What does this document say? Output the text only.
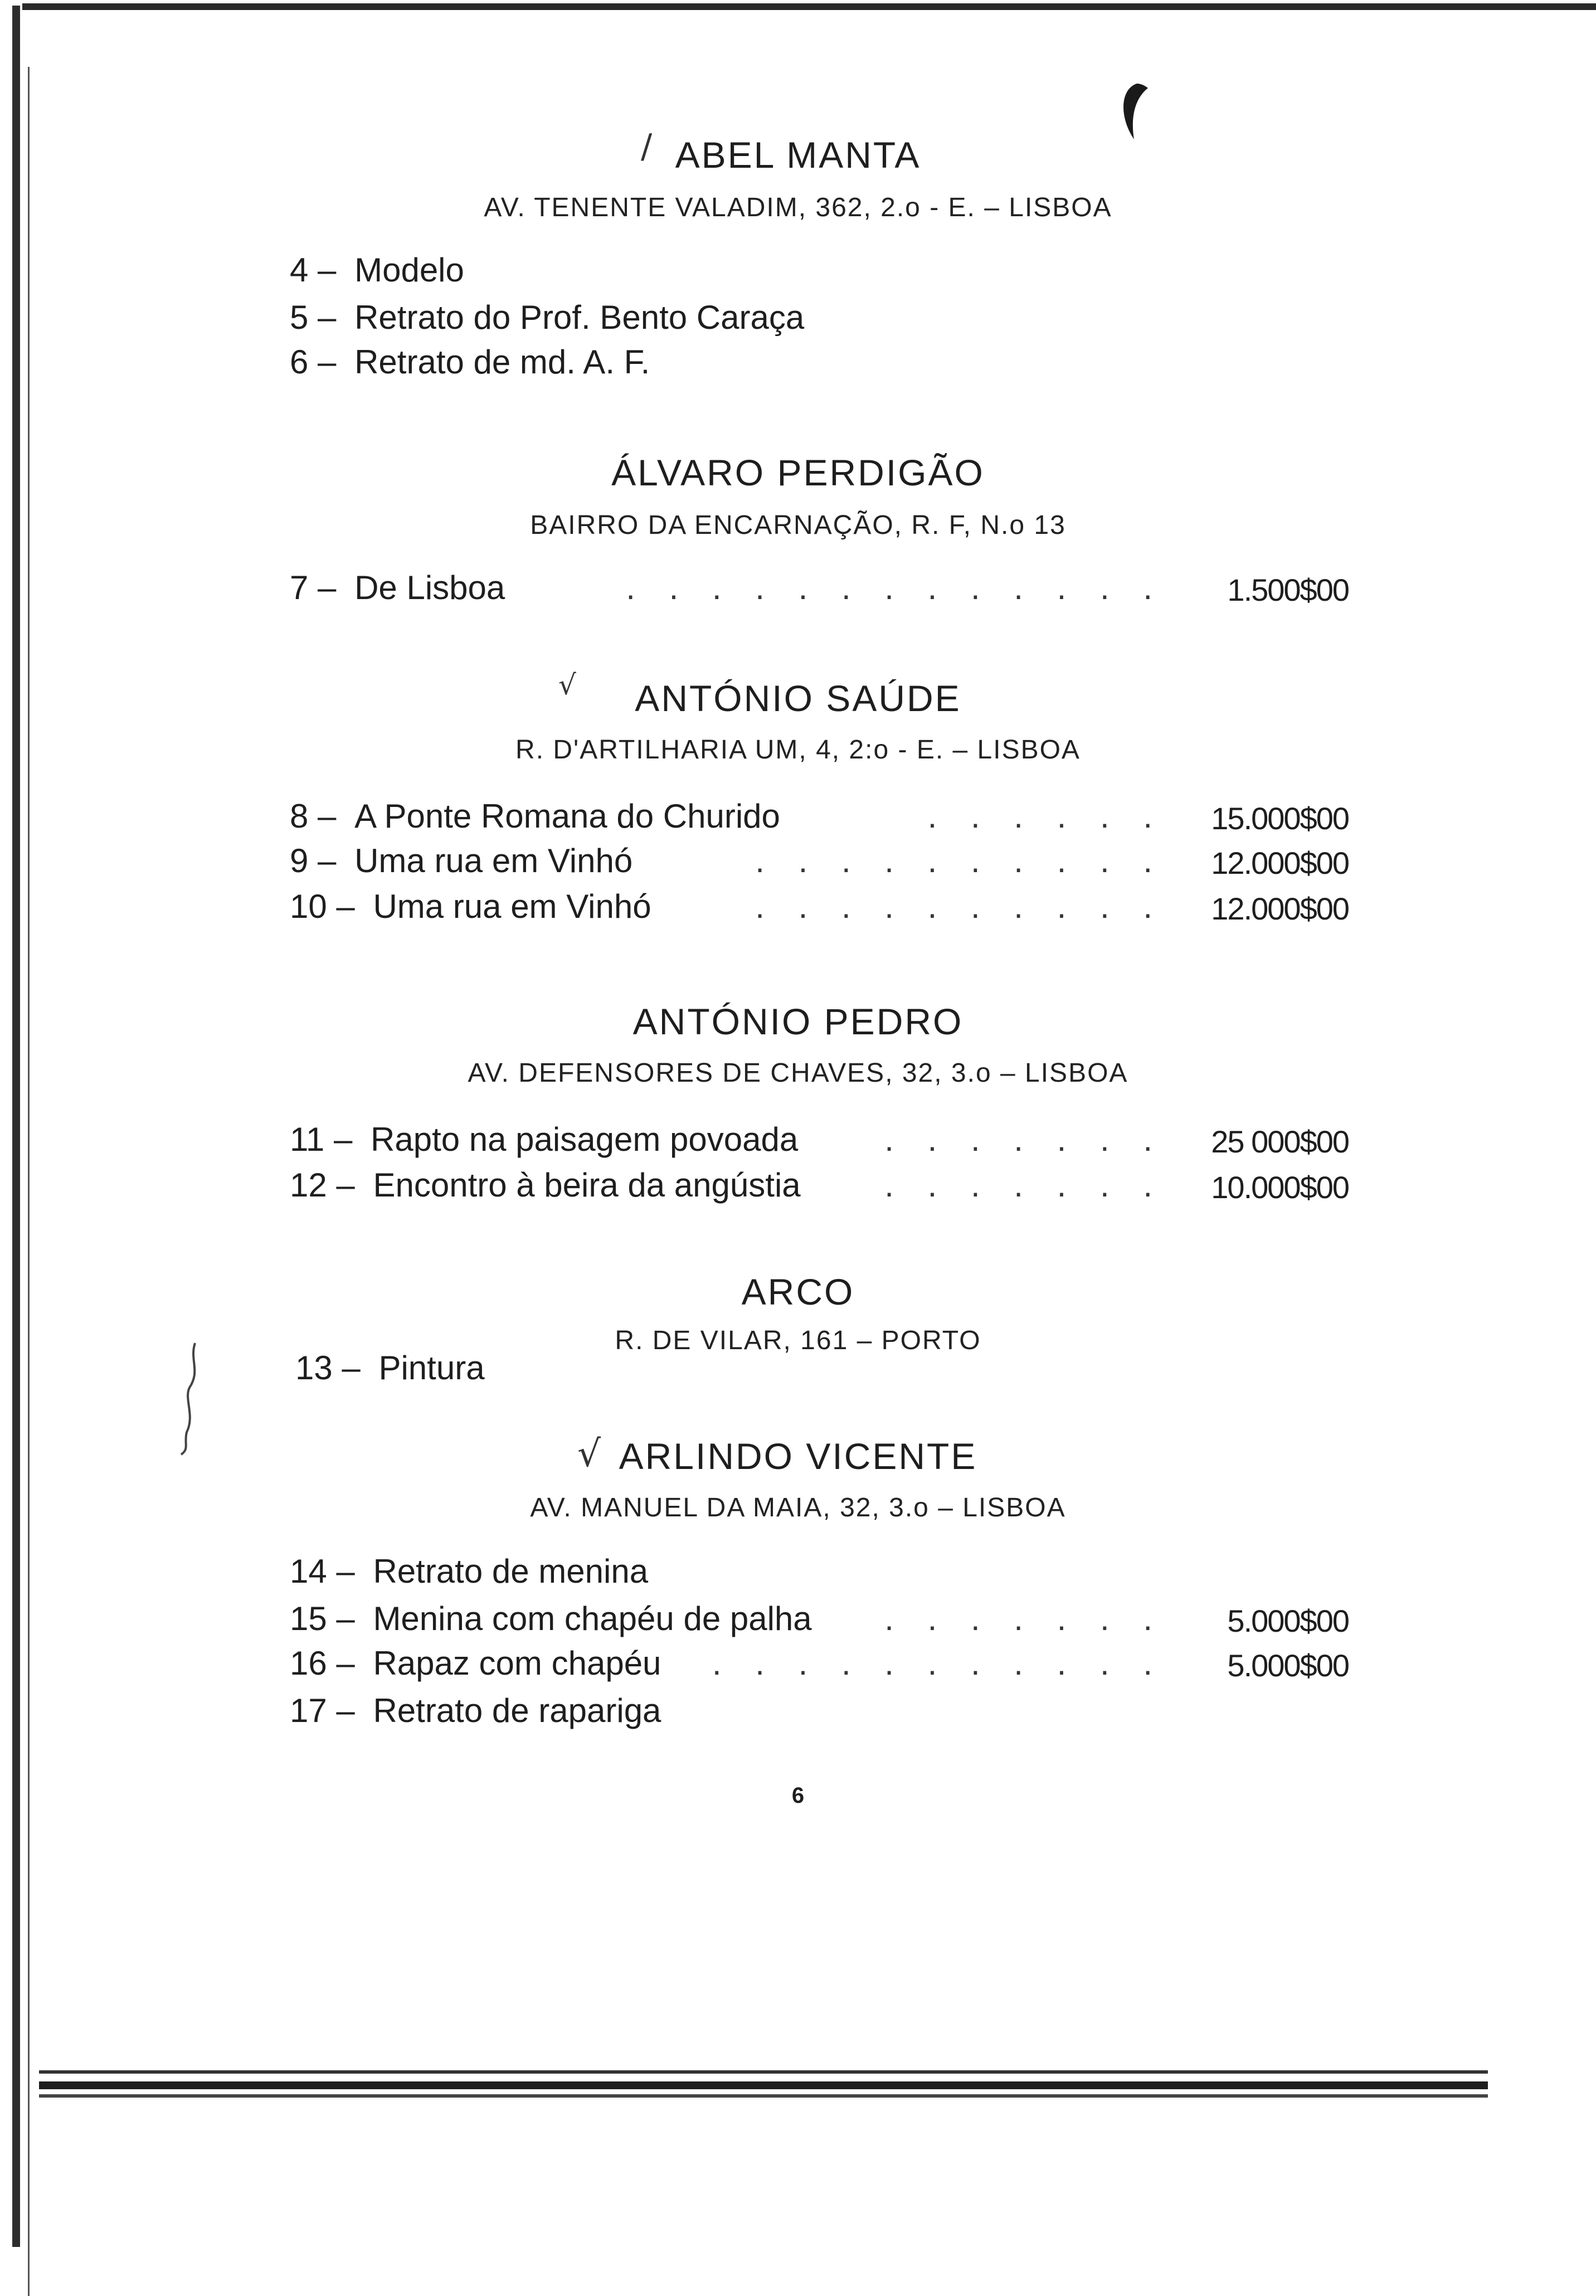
/
√
√
ABEL MANTA
AV. TENENTE VALADIM, 362, 2.o - E. – LISBOA
4 – Modelo
5 – Retrato do Prof. Bento Caraça
6 – Retrato de md. A. F.
ÁLVARO PERDIGÃO
BAIRRO DA ENCARNAÇÃO, R. F, N.o 13
7 – De Lisboa	. . . . . . . . . . . . .	1.500$00
ANTÓNIO SAÚDE
R. D'ARTILHARIA UM, 4, 2:o - E. – LISBOA
8 – A Ponte Romana do Churido	. . . . . .	15.000$00
9 – Uma rua em Vinhó	. . . . . . . . . .	12.000$00
10 – Uma rua em Vinhó	. . . . . . . . . .	12.000$00
ANTÓNIO PEDRO
AV. DEFENSORES DE CHAVES, 32, 3.o – LISBOA
11 – Rapto na paisagem povoada	. . . . . . .	25 000$00
12 – Encontro à beira da angústia	. . . . . . .	10.000$00
ARCO
R. DE VILAR, 161 – PORTO
13 – Pintura
ARLINDO VICENTE
AV. MANUEL DA MAIA, 32, 3.o – LISBOA
14 – Retrato de menina
15 – Menina com chapéu de palha . . . . . . .	5.000$00
16 – Rapaz com chapéu . . . . . . . . . . .	5.000$00
17 – Retrato de rapariga
6
